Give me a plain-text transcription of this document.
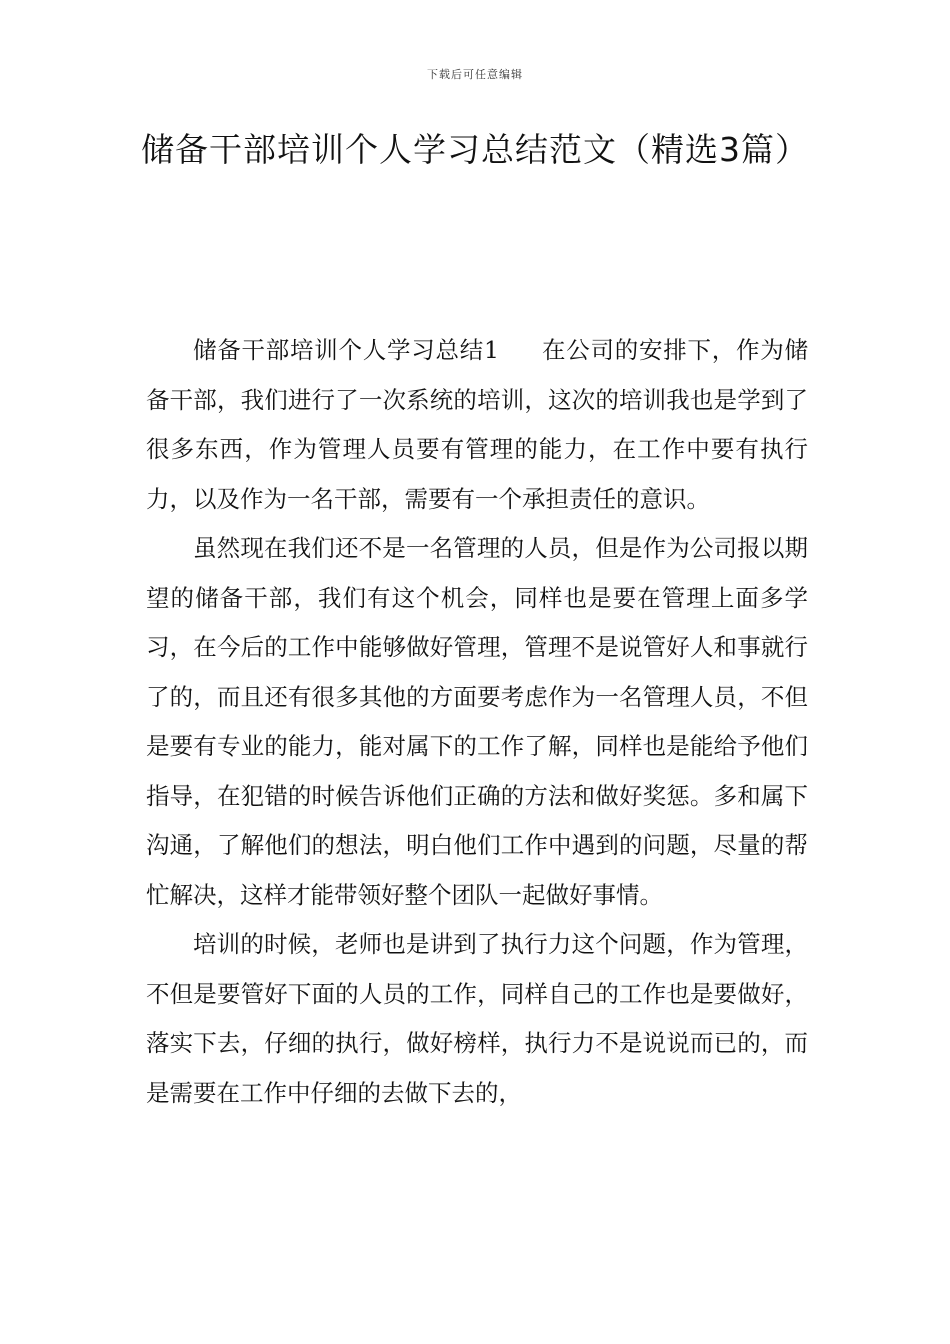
下载后可任意编辑
储备干部培训个人学习总结范文（精选3篇）

储备干部培训个人学习总结1 在公司的安排下，作为储备干部，我们进行了一次系统的培训，这次的培训我也是学到了很多东西，作为管理人员要有管理的能力，在工作中要有执行力，以及作为一名干部，需要有一个承担责任的意识。

虽然现在我们还不是一名管理的人员，但是作为公司报以期望的储备干部，我们有这个机会，同样也是要在管理上面多学习，在今后的工作中能够做好管理，管理不是说管好人和事就行了的，而且还有很多其他的方面要考虑作为一名管理人员，不但是要有专业的能力，能对属下的工作了解，同样也是能给予他们指导，在犯错的时候告诉他们正确的方法和做好奖惩。多和属下沟通，了解他们的想法，明白他们工作中遇到的问题，尽量的帮忙解决，这样才能带领好整个团队一起做好事情。

培训的时候，老师也是讲到了执行力这个问题，作为管理，不但是要管好下面的人员的工作，同样自己的工作也是要做好，落实下去，仔细的执行，做好榜样，执行力不是说说而已的，而是需要在工作中仔细的去做下去的，
